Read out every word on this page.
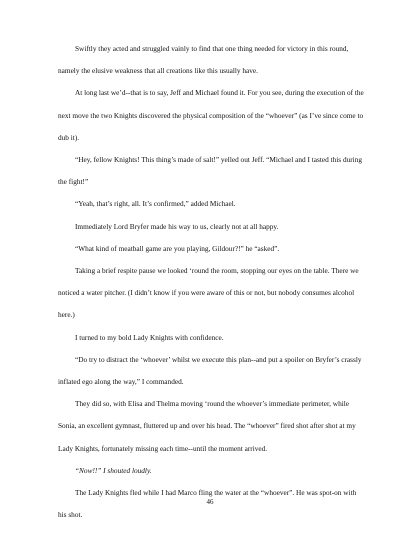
Swiftly they acted and struggled vainly to find that one thing needed for victory in this round, namely the elusive weakness that all creations like this usually have.

At long last we’d--that is to say, Jeff and Michael found it. For you see, during the execution of the next move the two Knights discovered the physical composition of the “whoever” (as I’ve since come to dub it).

“Hey, fellow Knights! This thing’s made of salt!” yelled out Jeff. “Michael and I tasted this during the fight!”

“Yeah, that’s right, all. It’s confirmed,” added Michael.

Immediately Lord Bryfer made his way to us, clearly not at all happy.

“What kind of meatball game are you playing, Gildour?!” he “asked”.

Taking a brief respite pause we looked ‘round the room, stopping our eyes on the table. There we noticed a water pitcher. (I didn’t know if you were aware of this or not, but nobody consumes alcohol here.)

I turned to my bold Lady Knights with confidence.

“Do try to distract the ‘whoever’ whilst we execute this plan--and put a spoiler on Bryfer’s crassly inflated ego along the way,” I commanded.

They did so, with Elisa and Thelma moving ‘round the whoever’s immediate perimeter, while Sonia, an excellent gymnast, fluttered up and over his head. The “whoever” fired shot after shot at my Lady Knights, fortunately missing each time--until the moment arrived.

“Now!!” I shouted loudly.

The Lady Knights fled while I had Marco fling the water at the “whoever”. He was spot-on with his shot.

46
